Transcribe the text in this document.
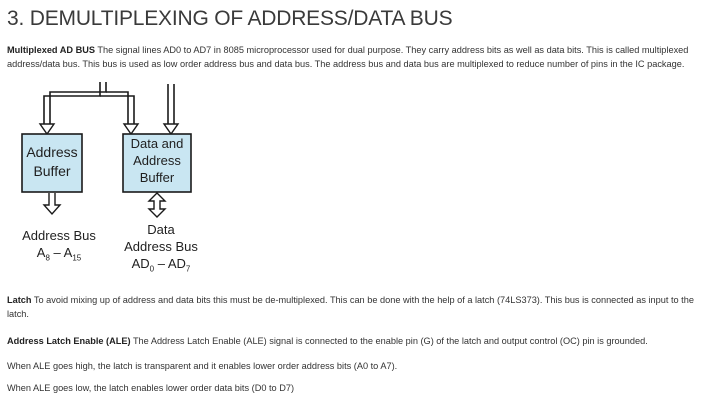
3. DEMULTIPLEXING OF ADDRESS/DATA BUS
Multiplexed AD BUS The signal lines AD0 to AD7 in 8085 microprocessor used for dual purpose. They carry address bits as well as data bits. This is called multiplexed address/data bus. This bus is used as low order address bus and data bus. The address bus and data bus are multiplexed to reduce number of pins in the IC package.
Address
Buffer
Data and
Address
Buffer
Address Bus
$A_8 - A_{15}$
Data
Address Bus
$AD_0 - AD_7$
Latch To avoid mixing up of address and data bits this must be de-multiplexed. This can be done with the help of a latch (74LS373). This bus is connected as input to the latch.
Address Latch Enable (ALE) The Address Latch Enable (ALE) signal is connected to the enable pin (G) of the latch and output control (OC) pin is grounded.
When ALE goes high, the latch is transparent and it enables lower order address bits (A0 to A7).
When ALE goes low, the latch enables lower order data bits (D0 to D7)
